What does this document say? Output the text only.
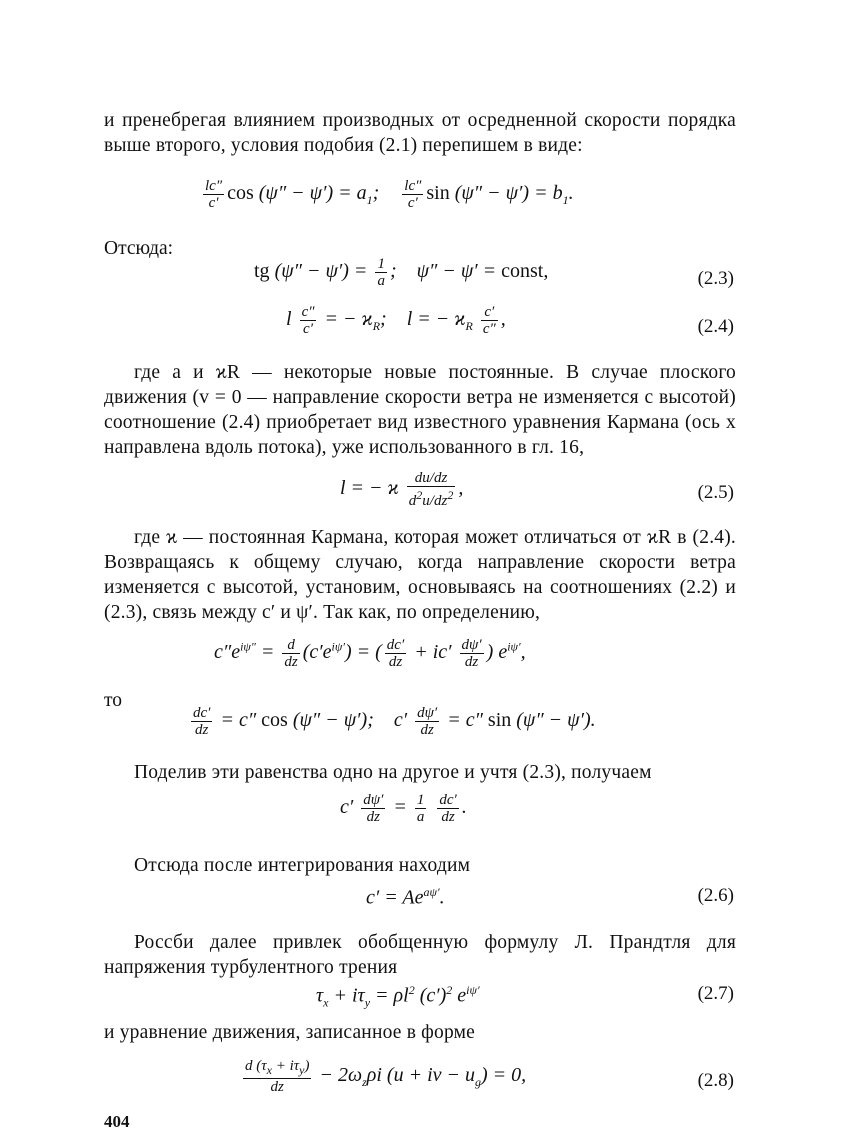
и пренебрегая влиянием производных от осредненной скорости порядка выше второго, условия подобия (2.1) перепишем в виде:
$\frac{lc''}{c'}$ $\cos (\psi'' - \psi') = a_1$; $\frac{lc''}{c'}$ $\sin (\psi'' - \psi') = b_1$.
Отсюда:
tg $(\psi'' - \psi') = \frac{1}{a}$ ;    ψ″ − ψ′ = const,	(2.3)
l $\frac{c''}{c'}$ = − $ϰ_R$;    l = − $ϰ_R \frac{c'}{c''}$ ,	(2.4)
где a и ϰR — некоторые новые постоянные. В случае плоского движения (v = 0 — направление скорости ветра не изменяется с высотой) соотношение (2.4) приобретает вид известного уравнения Кармана (ось x направлена вдоль потока), уже использованного в гл. 16,
l = − ϰ $\frac{du/dz}{d^2u/dz^2}$ ,	(2.5)
где ϰ — постоянная Кармана, которая может отличаться от ϰR в (2.4). Возвращаясь к общему случаю, когда направление скорости ветра изменяется с высотой, установим, основываясь на соотношениях (2.2) и (2.3), связь между c′ и ψ′. Так как, по определению,
$c''e^{i\psi''} = \frac{d}{dz} (c'e^{i\psi'})$ = ( $\frac{dc'}{dz} + ic' \frac{d\psi'}{dz}$ ) $e^{i\psi'}$,
то
$\frac{dc'}{dz} = c''$ cos (ψ″ − ψ′);    $c' \frac{d\psi'}{dz} = c''$ sin (ψ″ − ψ′).
Поделив эти равенства одно на другое и учтя (2.3), получаем
$c' \frac{d\psi'}{dz} = \frac{1}{a}$
$\frac{dc'}{dz}$ .
Отсюда после интегрирования находим
$c' = Ae^{a\psi'}$.	(2.6)
Россби далее привлек обобщенную формулу Л. Прандтля для напряжения турбулентного трения
$\tau_x + i\tau_y = \rho l^2$ $(c')^2$ $e^{i\psi'}$	(2.7)
и уравнение движения, записанное в форме
d $(\tau_x + i\tau_y)$
dz
− $2\omega_z\rho i$ (u + iv − $u_g) = 0$,	(2.8)
404
